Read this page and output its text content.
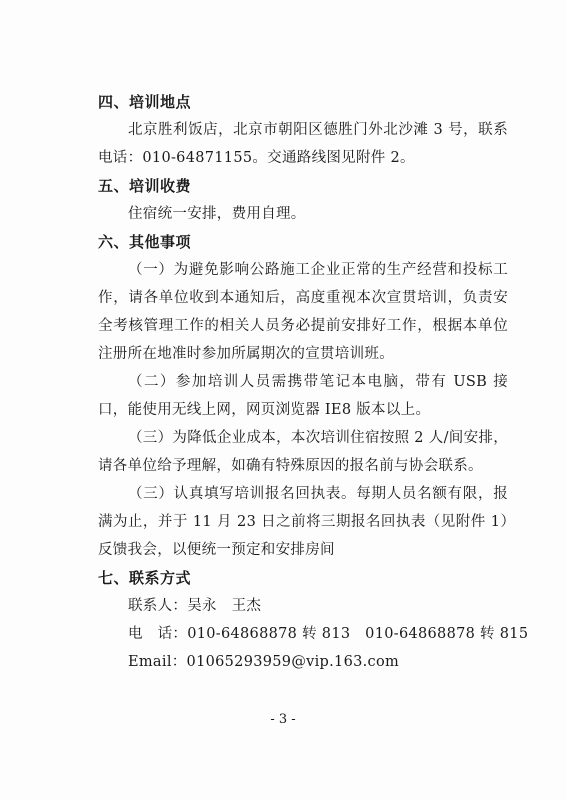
四、培训地点

北京胜利饭店，北京市朝阳区德胜门外北沙滩 3 号，联系电话：010-64871155。交通路线图见附件 2。

五、培训收费

住宿统一安排，费用自理。

六、其他事项

（一）为避免影响公路施工企业正常的生产经营和投标工作，请各单位收到本通知后，高度重视本次宣贯培训，负责安全考核管理工作的相关人员务必提前安排好工作，根据本单位注册所在地准时参加所属期次的宣贯培训班。

（二）参加培训人员需携带笔记本电脑，带有 USB 接口，能使用无线上网，网页浏览器 IE8 版本以上。

（三）为降低企业成本，本次培训住宿按照 2 人/间安排，请各单位给予理解，如确有特殊原因的报名前与协会联系。

（三）认真填写培训报名回执表。每期人员名额有限，报满为止，并于 11 月 23 日之前将三期报名回执表（见附件 1）反馈我会，以便统一预定和安排房间

七、联系方式

联系人：吴永　王杰

电　话：010-64868878 转 813　010-64868878 转 815

Email：01065293959@vip.163.com

- 3 -
